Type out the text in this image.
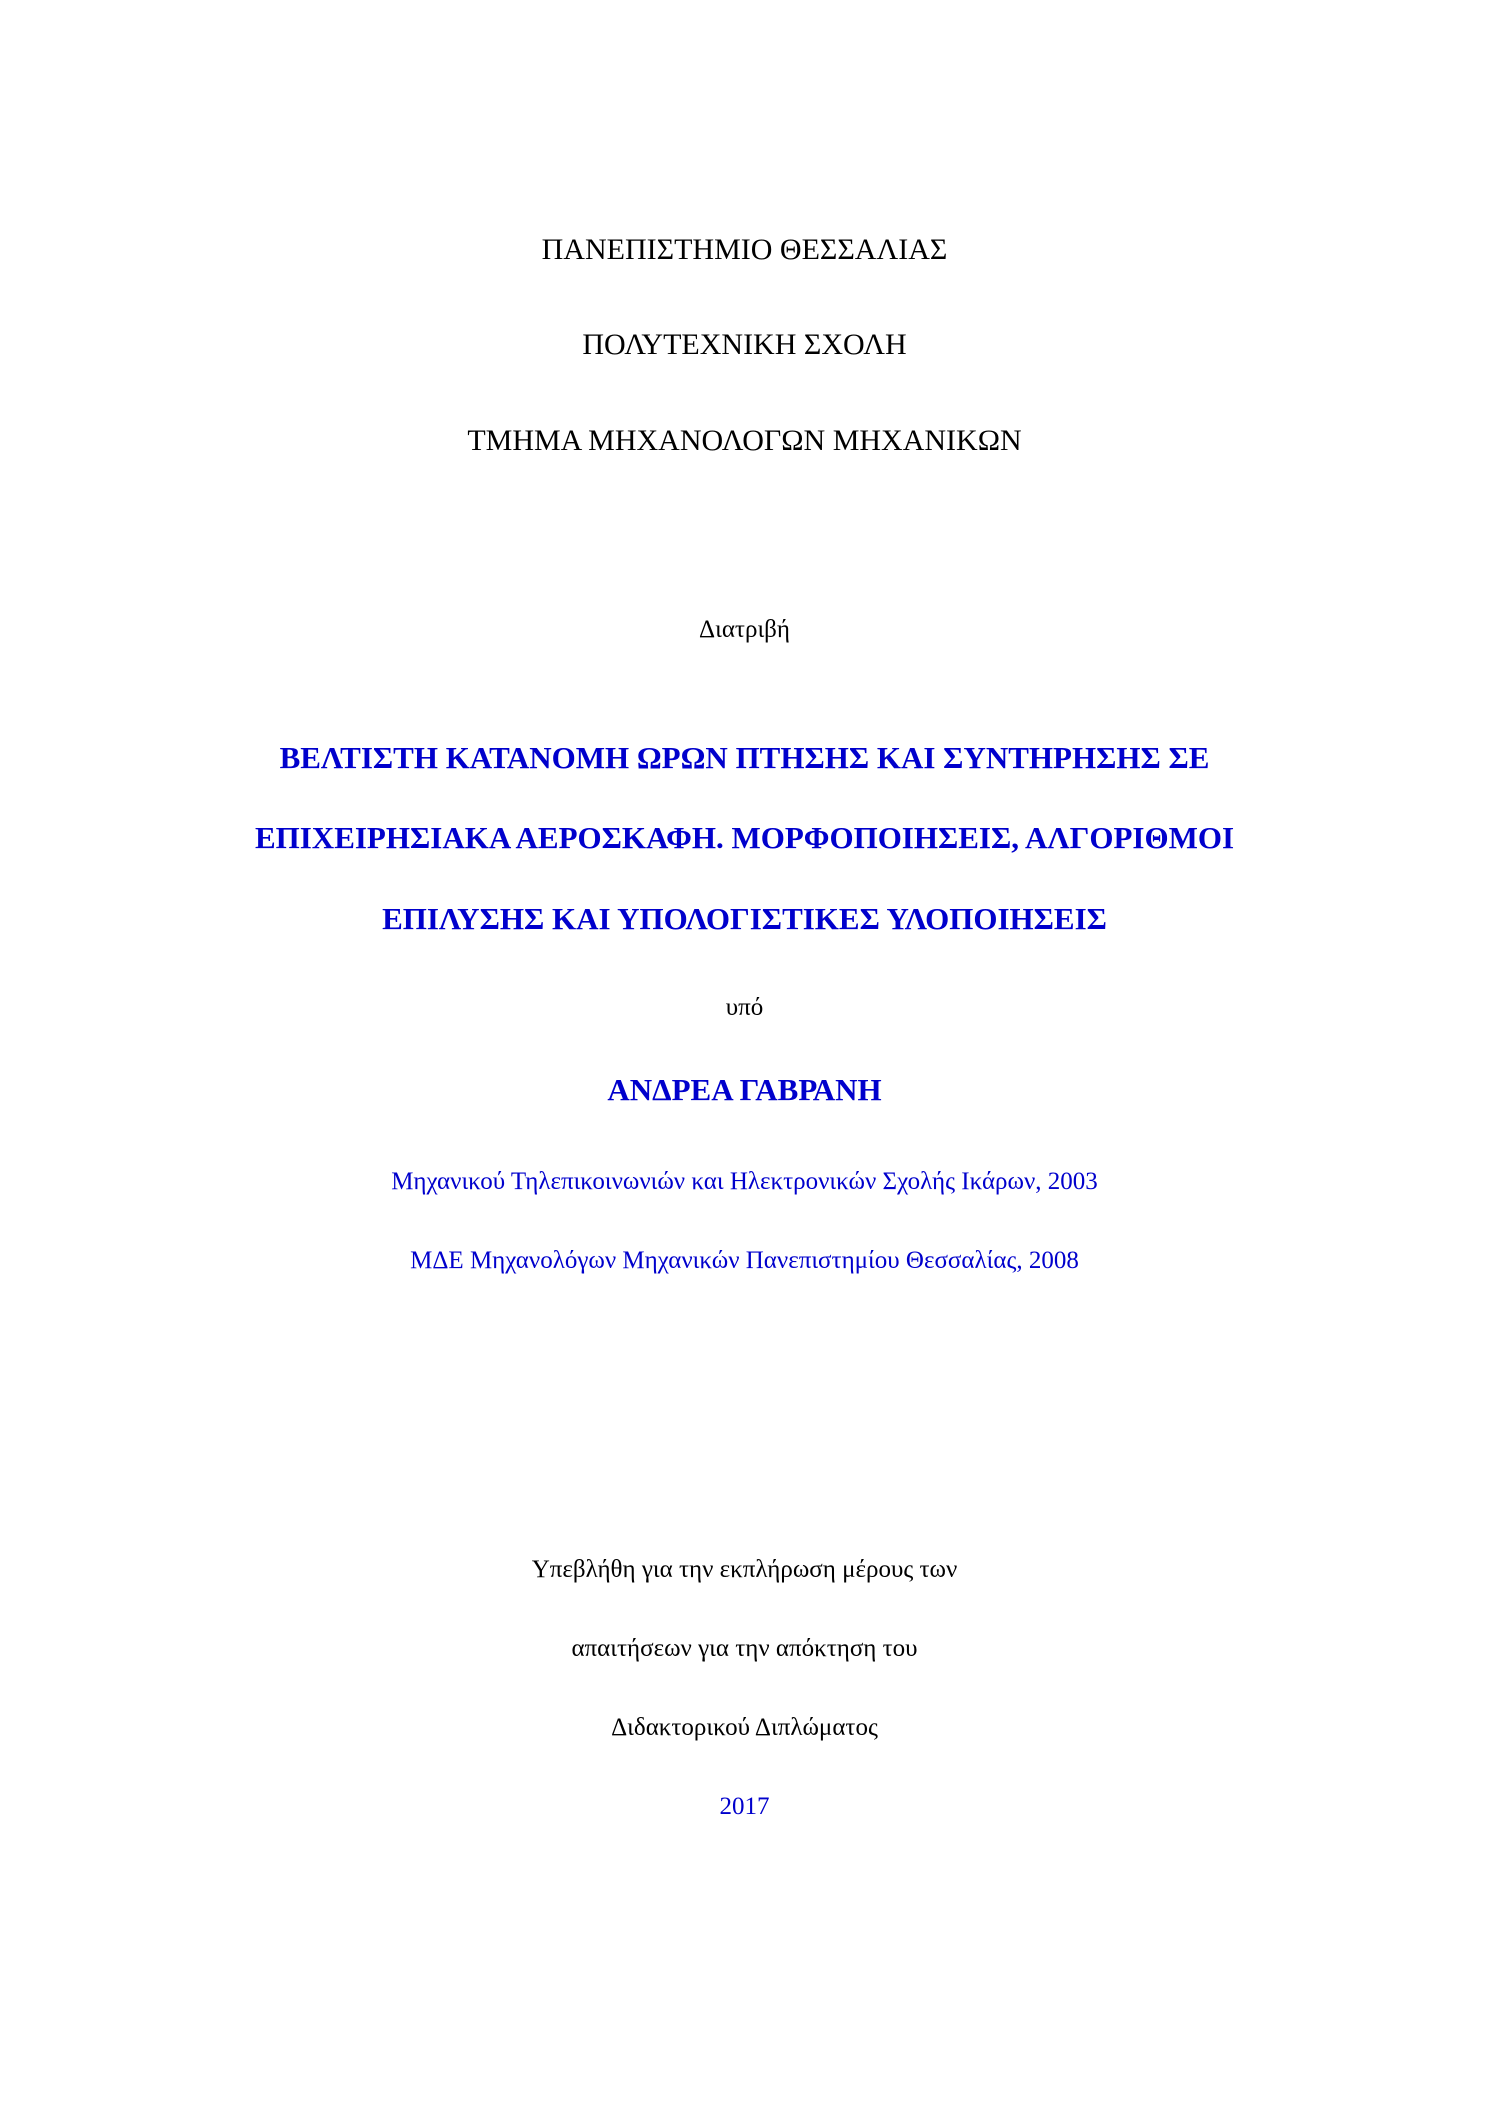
ΠΑΝΕΠΙΣΤΗΜΙΟ ΘΕΣΣΑΛΙΑΣ
ΠΟΛΥΤΕΧΝΙΚΗ ΣΧΟΛΗ
ΤΜΗΜΑ ΜΗΧΑΝΟΛΟΓΩΝ ΜΗΧΑΝΙΚΩΝ
Διατριβή
ΒΕΛΤΙΣΤΗ ΚΑΤΑΝΟΜΗ ΩΡΩΝ ΠΤΗΣΗΣ ΚΑΙ ΣΥΝΤΗΡΗΣΗΣ ΣΕ
ΕΠΙΧΕΙΡΗΣΙΑΚΑ ΑΕΡΟΣΚΑΦΗ. ΜΟΡΦΟΠΟΙΗΣΕΙΣ, ΑΛΓΟΡΙΘΜΟΙ
ΕΠΙΛΥΣΗΣ ΚΑΙ ΥΠΟΛΟΓΙΣΤΙΚΕΣ ΥΛΟΠΟΙΗΣΕΙΣ
υπό
ΑΝΔΡΕΑ ΓΑΒΡΑΝΗ
Μηχανικού Τηλεπικοινωνιών και Ηλεκτρονικών Σχολής Ικάρων, 2003
ΜΔΕ Μηχανολόγων Μηχανικών Πανεπιστημίου Θεσσαλίας, 2008
Υπεβλήθη για την εκπλήρωση μέρους των
απαιτήσεων για την απόκτηση του
Διδακτορικού Διπλώματος
2017
